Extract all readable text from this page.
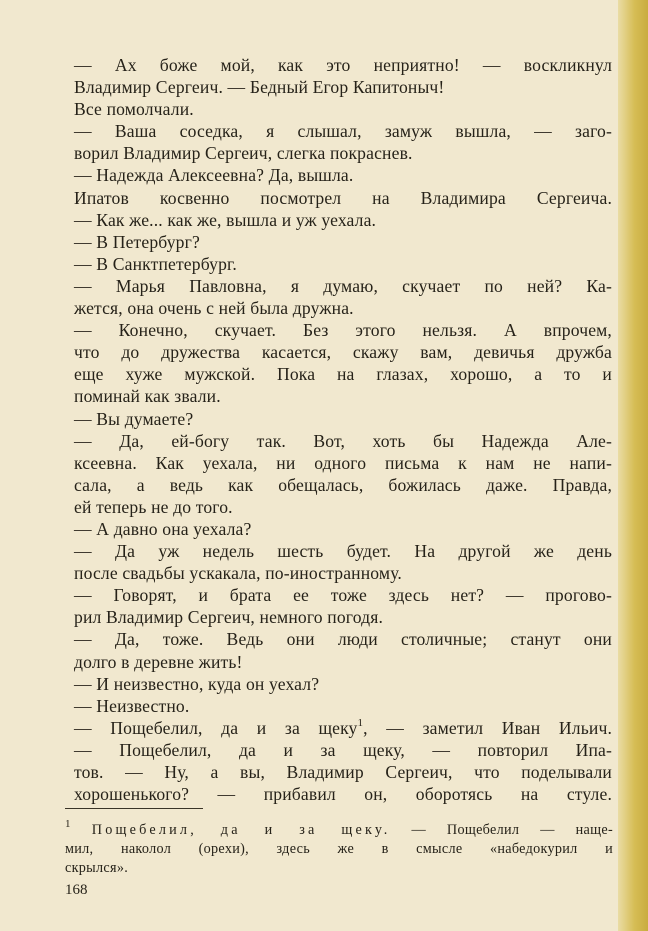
— Ах боже мой, как это неприятно! — воскликнул
Владимир Сергеич. — Бедный Егор Капитоныч!
Все помолчали.
— Ваша соседка, я слышал, замуж вышла, — заго-
ворил Владимир Сергеич, слегка покраснев.
— Надежда Алексеевна? Да, вышла.
Ипатов косвенно посмотрел на Владимира Сергеича.
— Как же... как же, вышла и уж уехала.
— В Петербург?
— В Санктпетербург.
— Марья Павловна, я думаю, скучает по ней? Ка-
жется, она очень с ней была дружна.
— Конечно, скучает. Без этого нельзя. А впрочем,
что до дружества касается, скажу вам, девичья дружба
еще хуже мужской. Пока на глазах, хорошо, а то и
поминай как звали.
— Вы думаете?
— Да, ей-богу так. Вот, хоть бы Надежда Але-
ксеевна. Как уехала, ни одного письма к нам не напи-
сала, а ведь как обещалась, божилась даже. Правда,
ей теперь не до того.
— А давно она уехала?
— Да уж недель шесть будет. На другой же день
после свадьбы ускакала, по-иностранному.
— Говорят, и брата ее тоже здесь нет? — прогово-
рил Владимир Сергеич, немного погодя.
— Да, тоже. Ведь они люди столичные; станут они
долго в деревне жить!
— И неизвестно, куда он уехал?
— Неизвестно.
— Пощебелил, да и за щеку$^1$, — заметил Иван Ильич.
— Пощебелил, да и за щеку, — повторил Ипа-
тов. — Ну, а вы, Владимир Сергеич, что поделывали
хорошенького? — прибавил он, оборотясь на стуле.
$^1$ Пощебелил, да и за щеку. — Пощебелил — наще-
мил, наколол (орехи), здесь же в смысле «набедокурил и
скрылся».
168
